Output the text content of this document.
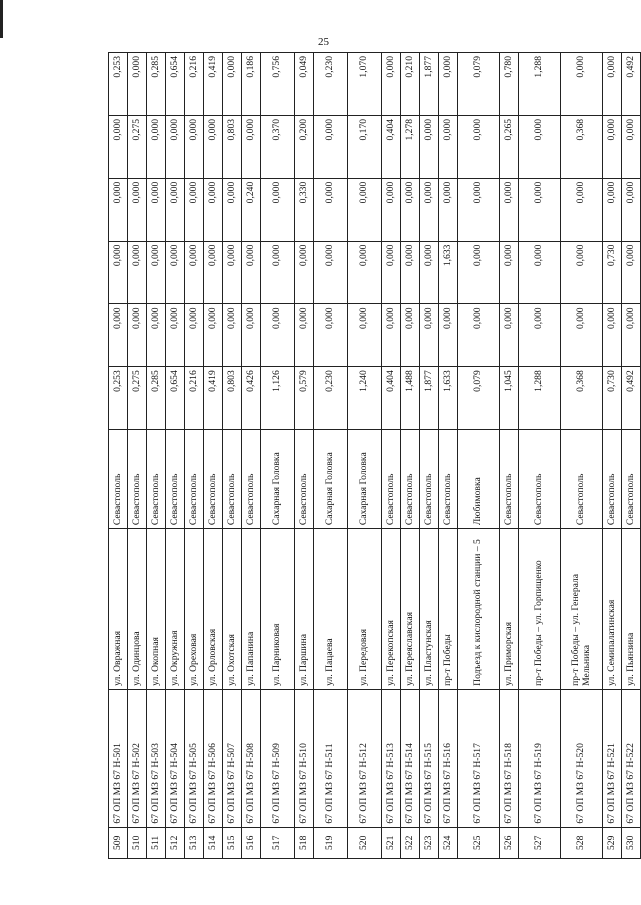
25
509	67 ОП МЗ 67 Н-501	ул. Овражная	Севастополь	0,253	0,000	0,000	0,000	0,000	0,253
510	67 ОП МЗ 67 Н-502	ул. Одинцова	Севастополь	0,275	0,000	0,000	0,000	0,275	0,000
511	67 ОП МЗ 67 Н-503	ул. Окопная	Севастополь	0,285	0,000	0,000	0,000	0,000	0,285
512	67 ОП МЗ 67 Н-504	ул. Окружная	Севастополь	0,654	0,000	0,000	0,000	0,000	0,654
513	67 ОП МЗ 67 Н-505	ул. Ореховая	Севастополь	0,216	0,000	0,000	0,000	0,000	0,216
514	67 ОП МЗ 67 Н-506	ул. Орловская	Севастополь	0,419	0,000	0,000	0,000	0,000	0,419
515	67 ОП МЗ 67 Н-507	ул. Охотская	Севастополь	0,803	0,000	0,000	0,000	0,803	0,000
516	67 ОП МЗ 67 Н-508	ул. Папанина	Севастополь	0,426	0,000	0,000	0,240	0,000	0,186
517	67 ОП МЗ 67 Н-509	ул. Парниковая	Сахарная Головка	1,126	0,000	0,000	0,000	0,370	0,756
518	67 ОП МЗ 67 Н-510	ул. Паршина	Севастополь	0,579	0,000	0,000	0,330	0,200	0,049
519	67 ОП МЗ 67 Н-511	ул. Пацаева	Сахарная Головка	0,230	0,000	0,000	0,000	0,000	0,230
520	67 ОП МЗ 67 Н-512	ул. Передовая	Сахарная Головка	1,240	0,000	0,000	0,000	0,170	1,070
521	67 ОП МЗ 67 Н-513	ул. Перекопская	Севастополь	0,404	0,000	0,000	0,000	0,404	0,000
522	67 ОП МЗ 67 Н-514	ул. Переяславская	Севастополь	1,488	0,000	0,000	0,000	1,278	0,210
523	67 ОП МЗ 67 Н-515	ул. Пластунская	Севастополь	1,877	0,000	0,000	0,000	0,000	1,877
524	67 ОП МЗ 67 Н-516	пр-т Победы	Севастополь	1,633	0,000	1,633	0,000	0,000	0,000
525	67 ОП МЗ 67 Н-517	Подъезд к кислородной станции – 5	Любимовка	0,079	0,000	0,000	0,000	0,000	0,079
526	67 ОП МЗ 67 Н-518	ул. Приморская	Севастополь	1,045	0,000	0,000	0,000	0,265	0,780
527	67 ОП МЗ 67 Н-519	пр-т Победы – ул. Горпищенко	Севастополь	1,288	0,000	0,000	0,000	0,000	1,288
528	67 ОП МЗ 67 Н-520	пр-т Победы – ул. Генерала Мельника	Севастополь	0,368	0,000	0,000	0,000	0,368	0,000
529	67 ОП МЗ 67 Н-521	ул. Семипалатинская	Севастополь	0,730	0,000	0,730	0,000	0,000	0,000
530	67 ОП МЗ 67 Н-522	ул. Пьянзина	Севастополь	0,492	0,000	0,000	0,000	0,000	0,492
